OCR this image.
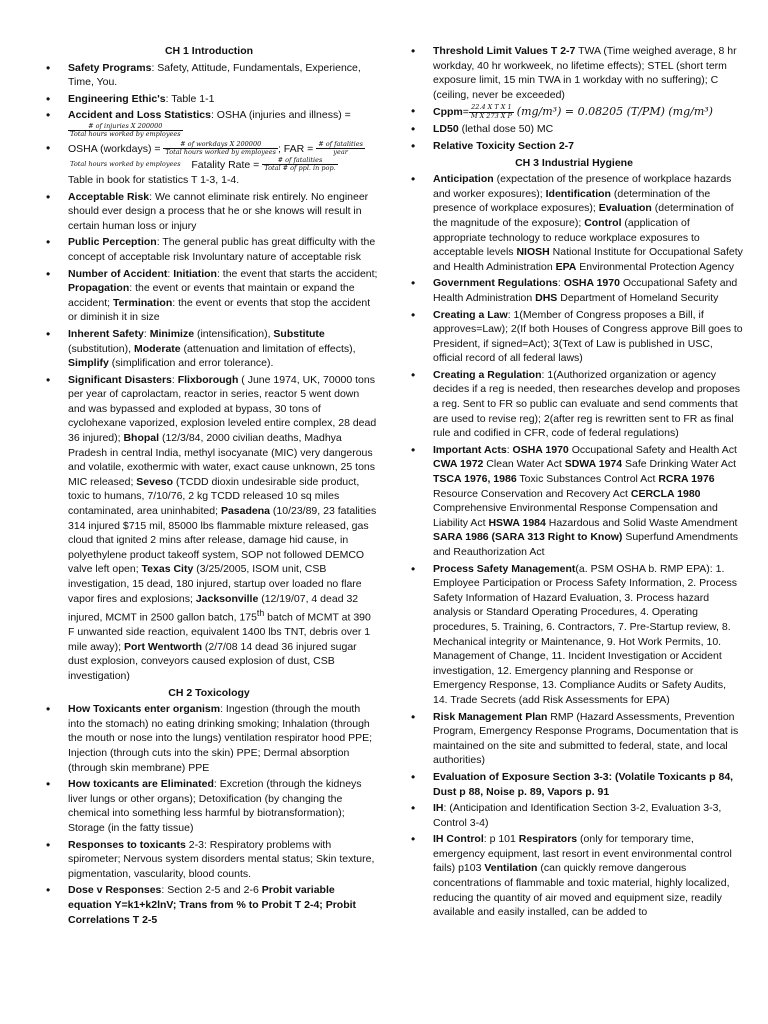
CH 1 Introduction
• Safety Programs: Safety, Attitude, Fundamentals, Experience, Time, You.
• Engineering Ethic's: Table 1-1
• Accident and Loss Statistics: OSHA (injuries and illness) =
$\frac{\text{\# of injuries X 200000}}{\text{Total hours worked by employees}}$
• OSHA (workdays) = $\frac{\text{\# of workdays X 200000}}{\text{Total hours worked by employees}}$ ; FAR = $\frac{\text{\# of fatalities}}{\text{year}}$

Total hours worked by employees Fatality Rate = $\frac{\text{\# of fatalities}}{\text{Total \# of ppl. in pop.}}$
Table in book for statistics T 1-3, 1-4.
• Acceptable Risk: We cannot eliminate risk entirely. No engineer should ever design a process that he or she knows will result in certain human loss or injury
• Public Perception: The general public has great difficulty with the concept of acceptable risk Involuntary nature of acceptable risk
• Number of Accident: Initiation: the event that starts the accident; Propagation: the event or events that maintain or expand the accident; Termination: the event or events that stop the accident or diminish it in size
• Inherent Safety: Minimize (intensification), Substitute (substitution), Moderate (attenuation and limitation of effects), Simplify (simplification and error tolerance).
• Significant Disasters: Flixborough ( June 1974, UK, 70000 tons per year of caprolactam, reactor in series, reactor 5 went down and was bypassed and exploded at bypass, 30 tons of cyclohexane vaporized, explosion leveled entire complex, 28 dead 36 injured); Bhopal (12/3/84, 2000 civilian deaths, Madhya Pradesh in central India, methyl isocyanate (MIC) very dangerous and volatile, exothermic with water, exact cause unknown, 25 tons MIC released; Seveso (TCDD dioxin undesirable side product, toxic to humans, 7/10/76, 2 kg TCDD released 10 sq miles contaminated, area uninhabited; Pasadena (10/23/89, 23 fatalities 314 injured $715 mil, 85000 lbs flammable mixture released, gas cloud that ignited 2 mins after release, damage hid cause, in polyethylene product takeoff system, SOP not followed DEMCO valve left open; Texas City (3/25/2005, ISOM unit, CSB investigation, 15 dead, 180 injured, startup over loaded no flare vapor fires and explosions; Jacksonville (12/19/07, 4 dead 32 injured, MCMT in 2500 gallon batch, 175th batch of MCMT at 390 F unwanted side reaction, equivalent 1400 lbs TNT, debris over 1 mile away); Port Wentworth (2/7/08 14 dead 36 injured sugar dust explosion, conveyors caused explosion of dust, CSB investigation)
CH 2 Toxicology
• How Toxicants enter organism: Ingestion (through the mouth into the stomach) no eating drinking smoking; Inhalation (through the mouth or nose into the lungs) ventilation respirator hood PPE; Injection (through cuts into the skin) PPE; Dermal absorption (through skin membrane) PPE
• How toxicants are Eliminated: Excretion (through the kidneys liver lungs or other organs); Detoxification (by changing the chemical into something less harmful by biotransformation); Storage (in the fatty tissue)
• Responses to toxicants 2-3: Respiratory problems with spirometer; Nervous system disorders mental status; Skin texture, pigmentation, vascularity, blood counts.
• Dose v Responses: Section 2-5 and 2-6 Probit variable equation Y=k1+k2lnV; Trans from % to Probit T 2-4; Probit Correlations T 2-5
• Threshold Limit Values T 2-7 TWA (Time weighed average, 8 hr workday, 40 hr workweek, no lifetime effects); STEL (short term exposure limit, 15 min TWA in 1 workday with no suffering); C (ceiling, never be exceeded)
• Cppm= $\frac{\text{22.4 X T X 1}}{\text{M X 273 X P}} (mg/m^3) = 0.08205$ (T/PM) (mg/m³)
• LD50 (lethal dose 50) MC
• Relative Toxicity Section 2-7
CH 3 Industrial Hygiene
• Anticipation (expectation of the presence of workplace hazards and worker exposures); Identification (determination of the presence of workplace exposures); Evaluation (determination of the magnitude of the exposure); Control (application of appropriate technology to reduce workplace exposures to acceptable levels NIOSH National Institute for Occupational Safety and Health Administration EPA Environmental Protection Agency
• Government Regulations: OSHA 1970 Occupational Safety and Health Administration DHS Department of Homeland Security
• Creating a Law: 1(Member of Congress proposes a Bill, if approves=Law); 2(If both Houses of Congress approve Bill goes to President, if signed=Act); 3(Text of Law is published in USC, official record of all federal laws)
• Creating a Regulation: 1(Authorized organization or agency decides if a reg is needed, then researches develop and proposes a reg. Sent to FR so public can evaluate and send comments that are used to revise reg); 2(after reg is rewritten sent to FR as final rule and codified in CFR, code of federal regulations)
• Important Acts: OSHA 1970 Occupational Safety and Health Act CWA 1972 Clean Water Act SDWA 1974 Safe Drinking Water Act TSCA 1976, 1986 Toxic Substances Control Act RCRA 1976 Resource Conservation and Recovery Act CERCLA 1980 Comprehensive Environmental Response Compensation and Liability Act HSWA 1984 Hazardous and Solid Waste Amendment SARA 1986 (SARA 313 Right to Know) Superfund Amendments and Reauthorization Act
• Process Safety Management(a. PSM OSHA b. RMP EPA): 1. Employee Participation or Process Safety Information, 2. Process Safety Information of Hazard Evaluation, 3. Process hazard analysis or Standard Operating Procedures, 4. Operating procedures, 5. Training, 6. Contractors, 7. Pre-Startup review, 8. Mechanical integrity or Maintenance, 9. Hot Work Permits, 10. Management of Change, 11. Incident Investigation or Accident investigation, 12. Emergency planning and Response or Emergency Response, 13. Compliance Audits or Safety Audits, 14. Trade Secrets (add Risk Assessments for EPA)
• Risk Management Plan RMP (Hazard Assessments, Prevention Program, Emergency Response Programs, Documentation that is maintained on the site and submitted to federal, state, and local authorities)
• Evaluation of Exposure Section 3-3: (Volatile Toxicants p 84, Dust p 88, Noise p. 89, Vapors p. 91
• IH: (Anticipation and Identification Section 3-2, Evaluation 3-3, Control 3-4)
• IH Control: p 101 Respirators (only for temporary time, emergency equipment, last resort in event environmental control fails) p103 Ventilation (can quickly remove dangerous concentrations of flammable and toxic material, highly localized, reducing the quantity of air moved and equipment size, readily available and easily installed, can be added to
